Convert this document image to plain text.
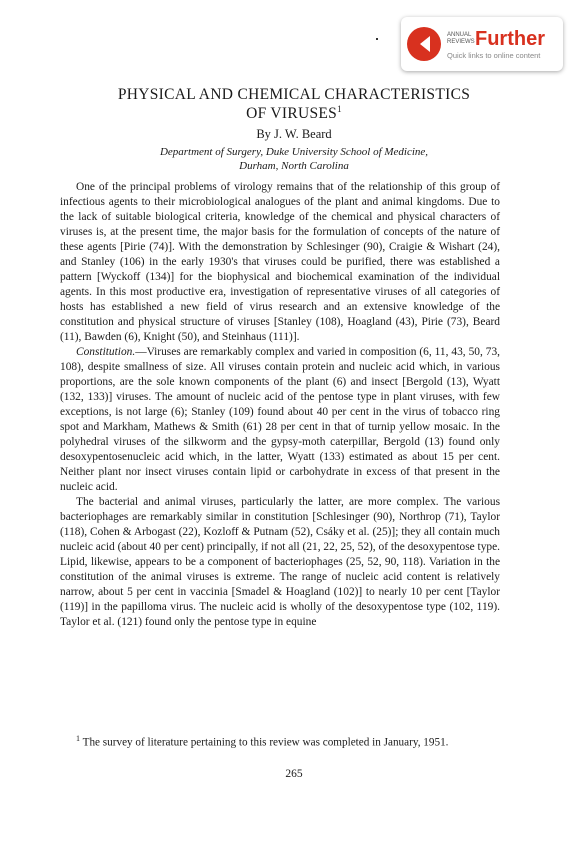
ANNUAL REVIEWS Further
Quick links to online content
PHYSICAL AND CHEMICAL CHARACTERISTICS
OF VIRUSES$^1$
By J. W. Beard
Department of Surgery, Duke University School of Medicine,
Durham, North Carolina

One of the principal problems of virology remains that of the relationship of this group of infectious agents to their microbiological analogues of the plant and animal kingdoms. Due to the lack of suitable biological criteria, knowledge of the chemical and physical characters of viruses is, at the present time, the major basis for the formulation of concepts of the nature of these agents [Pirie (74)]. With the demonstration by Schlesinger (90), Craigie & Wishart (24), and Stanley (106) in the early 1930's that viruses could be purified, there was established a pattern [Wyckoff (134)] for the biophysical and biochemical examination of the individual agents. In this most productive era, investigation of representative viruses of all categories of hosts has established a new field of virus research and an extensive knowledge of the constitution and physical structure of viruses [Stanley (108), Hoagland (43), Pirie (73), Beard (11), Bawden (6), Knight (50), and Steinhaus (111)].

Constitution.—Viruses are remarkably complex and varied in composition (6, 11, 43, 50, 73, 108), despite smallness of size. All viruses contain protein and nucleic acid which, in various proportions, are the sole known components of the plant (6) and insect [Bergold (13), Wyatt (132, 133)] viruses. The amount of nucleic acid of the pentose type in plant viruses, with few exceptions, is not large (6); Stanley (109) found about 40 per cent in the virus of tobacco ring spot and Markham, Mathews & Smith (61) 28 per cent in that of turnip yellow mosaic. In the polyhedral viruses of the silkworm and the gypsy-moth caterpillar, Bergold (13) found only desoxypentosenucleic acid which, in the latter, Wyatt (133) estimated as about 15 per cent. Neither plant nor insect viruses contain lipid or carbohydrate in excess of that present in the nucleic acid.

The bacterial and animal viruses, particularly the latter, are more complex. The various bacteriophages are remarkably similar in constitution [Schlesinger (90), Northrop (71), Taylor (118), Cohen & Arbogast (22), Kozloff & Putnam (52), Csáky et al. (25)]; they all contain much nucleic acid (about 40 per cent) principally, if not all (21, 22, 25, 52), of the desoxypentose type. Lipid, likewise, appears to be a component of bacteriophages (25, 52, 90, 118). Variation in the constitution of the animal viruses is extreme. The range of nucleic acid content is relatively narrow, about 5 per cent in vaccinia [Smadel & Hoagland (102)] to nearly 10 per cent [Taylor (119)] in the papilloma virus. The nucleic acid is wholly of the desoxypentose type (102, 119). Taylor et al. (121) found only the pentose type in equine

$^1$ The survey of literature pertaining to this review was completed in January, 1951.

265
